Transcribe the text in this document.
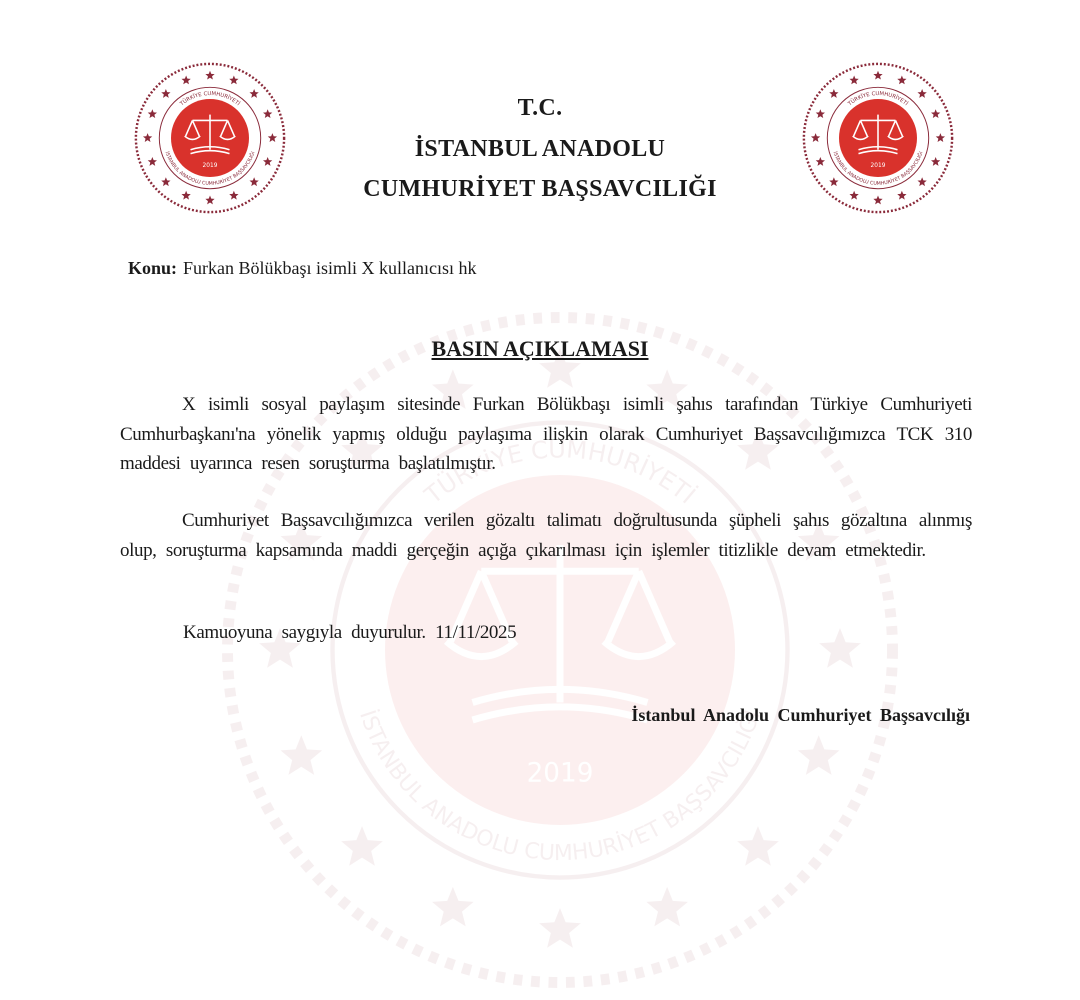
T.C.
İSTANBUL ANADOLU
CUMHURİYET BAŞSAVCILIĞI
Konu: Furkan Bölükbaşı isimli X kullanıcısı hk
BASIN AÇIKLAMASI
X isimli sosyal paylaşım sitesinde Furkan Bölükbaşı isimli şahıs tarafından Türkiye Cumhuriyeti Cumhurbaşkanı'na yönelik yapmış olduğu paylaşıma ilişkin olarak Cumhuriyet Başsavcılığımızca TCK 310 maddesi uyarınca resen soruşturma başlatılmıştır.
Cumhuriyet Başsavcılığımızca verilen gözaltı talimatı doğrultusunda şüpheli şahıs gözaltına alınmış olup, soruşturma kapsamında maddi gerçeğin açığa çıkarılması için işlemler titizlikle devam etmektedir.
Kamuoyuna saygıyla duyurulur. 11/11/2025
İstanbul Anadolu Cumhuriyet Başsavcılığı
